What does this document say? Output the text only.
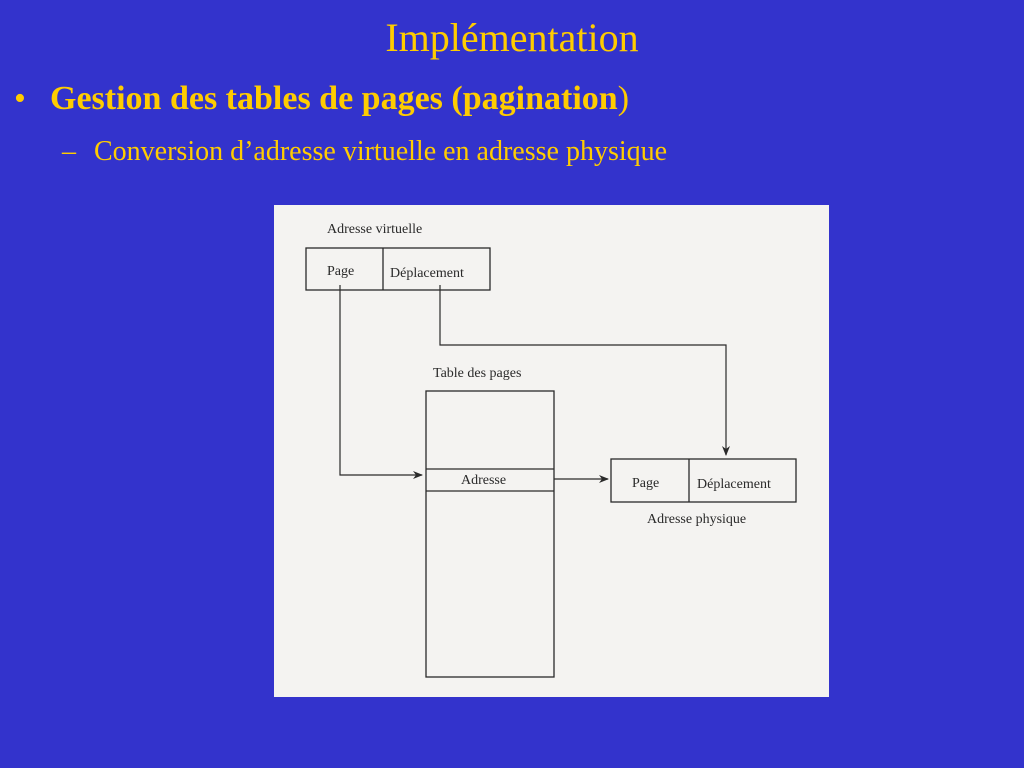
Implémentation
• Gestion des tables de pages (pagination)
– Conversion d’adresse virtuelle en adresse physique
Adresse virtuelle
Page	Déplacement
Table des pages
Adresse	Page	Déplacement
Adresse physique
